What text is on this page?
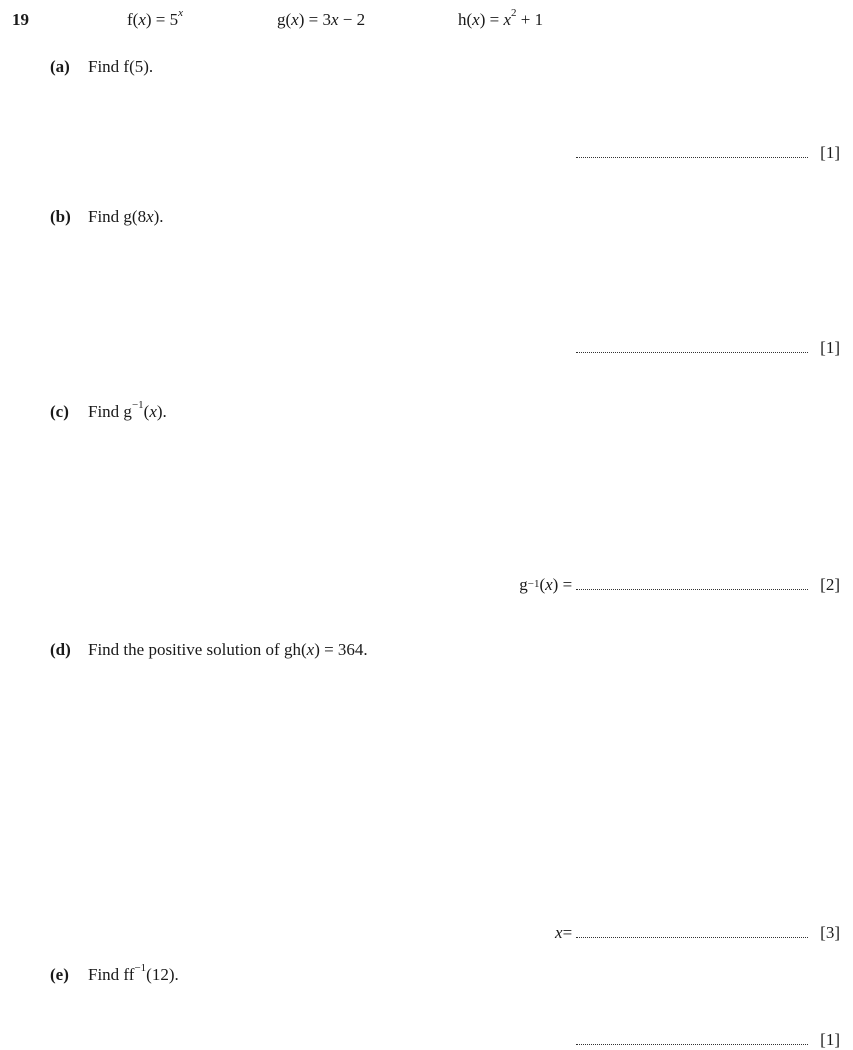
19	$f(x) = 5^x$	g(x) = 3x − 2	$h(x) = x^2 + 1$
(a) Find f(5).
[1]
(b) Find g(8x).
[1]
(c) Find $g^{-1}(x)$.
$g^{-1}$ ( x ) =	[2]
(d) Find the positive solution of gh(x) = 364.
x =	[3]
(e) Find $ff^{-1}(12)$.
[1]
